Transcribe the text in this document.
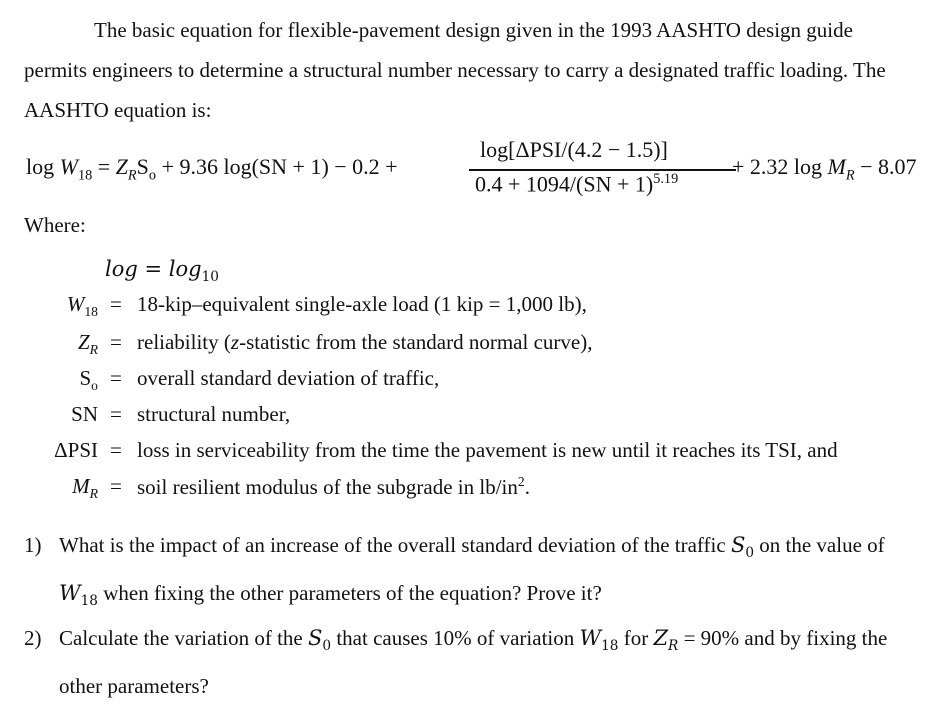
The basic equation for flexible-pavement design given in the 1993 AASHTO design guide permits engineers to determine a structural number necessary to carry a designated traffic loading. The AASHTO equation is:
$\log W_{18} = Z_RS_o + 9.36$ log(SN + 1) − 0.2 +
log[ΔPSI/(4.2 − 1.5)]
0.4 + 1094/(SN + 1)$^{5.19}$ + 2.32 $\log M_R - 8.07$
Where:
$\log = \log_{10}$
$W_{18}$ = 18-kip–equivalent single-axle load (1 kip = 1,000 lb),
$Z_R$ = reliability (z-statistic from the standard normal curve),
$S_o$ = overall standard deviation of traffic,
SN = structural number,
ΔPSI = loss in serviceability from the time the pavement is new until it reaches its TSI, and
$M_R$ = soil resilient modulus of the subgrade in $lb/in^2$.
1) What is the impact of an increase of the overall standard deviation of the traffic $S_0$ on the value of $W_{18}$ when fixing the other parameters of the equation? Prove it?
2) Calculate the variation of the $S_0$ that causes 10% of variation $W_{18}$ for $Z_R = 90\%$ and by fixing the other parameters?
